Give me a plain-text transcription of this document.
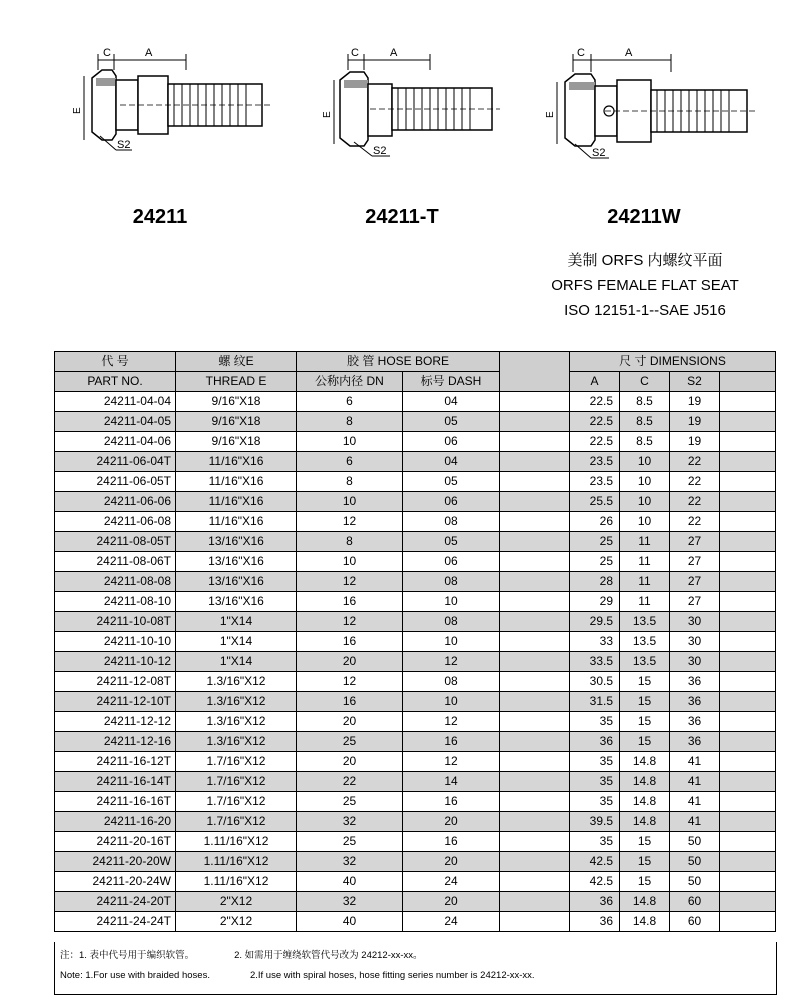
C	A
E
S2
C	A
E
S2
C	A
E
S2
24211	24211-T	24211W
美制 ORFS 内螺纹平面
ORFS FEMALE FLAT SEAT
ISO 12151-1--SAE J516
代 号	螺 纹E	胶 管 HOSE BORE			尺 寸 DIMENSIONS			
PART NO.	THREAD E	公称内径 DN	标号 DASH		A	C	S2	
24211-04-04	9/16"X18	6	04		22.5	8.5	19	
24211-04-05	9/16"X18	8	05		22.5	8.5	19	
24211-04-06	9/16"X18	10	06		22.5	8.5	19	
24211-06-04T	11/16"X16	6	04		23.5	10	22	
24211-06-05T	11/16"X16	8	05		23.5	10	22	
24211-06-06	11/16"X16	10	06		25.5	10	22	
24211-06-08	11/16"X16	12	08		26	10	22	
24211-08-05T	13/16"X16	8	05		25	11	27	
24211-08-06T	13/16"X16	10	06		25	11	27	
24211-08-08	13/16"X16	12	08		28	11	27	
24211-08-10	13/16"X16	16	10		29	11	27	
24211-10-08T	1"X14	12	08		29.5	13.5	30	
24211-10-10	1"X14	16	10		33	13.5	30	
24211-10-12	1"X14	20	12		33.5	13.5	30	
24211-12-08T	1.3/16"X12	12	08		30.5	15	36	
24211-12-10T	1.3/16"X12	16	10		31.5	15	36	
24211-12-12	1.3/16"X12	20	12		35	15	36	
24211-12-16	1.3/16"X12	25	16		36	15	36	
24211-16-12T	1.7/16"X12	20	12		35	14.8	41	
24211-16-14T	1.7/16"X12	22	14		35	14.8	41	
24211-16-16T	1.7/16"X12	25	16		35	14.8	41	
24211-16-20	1.7/16"X12	32	20		39.5	14.8	41	
24211-20-16T	1.11/16"X12	25	16		35	15	50	
24211-20-20W	1.11/16"X12	32	20		42.5	15	50	
24211-20-24W	1.11/16"X12	40	24		42.5	15	50	
24211-24-20T	2"X12	32	20		36	14.8	60	
24211-24-24T	2"X12	40	24		36	14.8	60	
注：1. 表中代号用于编织软管。	2. 如需用于缠绕软管代号改为 24212-xx-xx。
Note: 1.For use with braided hoses.	2.If use with spiral hoses, hose fitting series number is 24212-xx-xx.
